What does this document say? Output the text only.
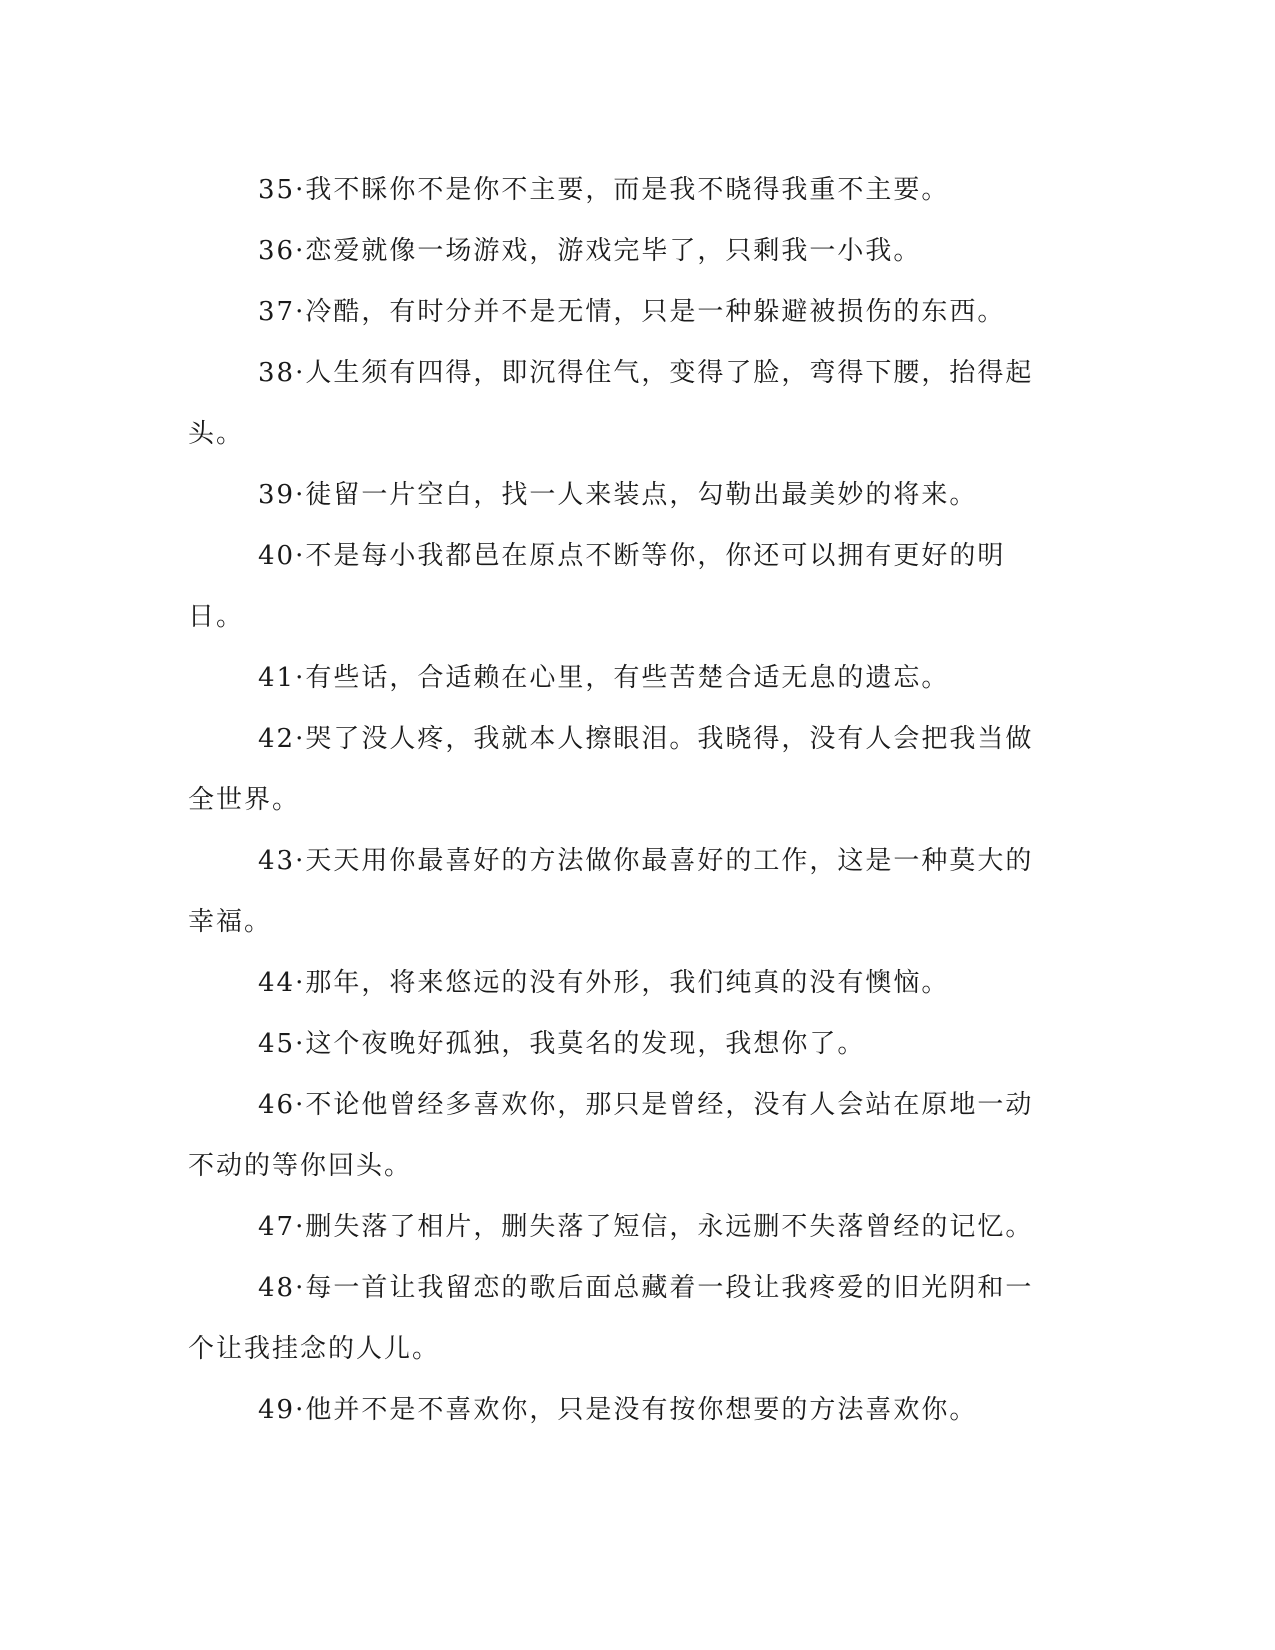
35·我不睬你不是你不主要，而是我不晓得我重不主要。

36·恋爱就像一场游戏，游戏完毕了，只剩我一小我。

37·冷酷，有时分并不是无情，只是一种躲避被损伤的东西。

38·人生须有四得，即沉得住气，变得了脸，弯得下腰，抬得起头。

39·徒留一片空白，找一人来装点，勾勒出最美妙的将来。

40·不是每小我都邑在原点不断等你，你还可以拥有更好的明日。

41·有些话，合适赖在心里，有些苦楚合适无息的遗忘。

42·哭了没人疼，我就本人擦眼泪。我晓得，没有人会把我当做全世界。

43·天天用你最喜好的方法做你最喜好的工作，这是一种莫大的幸福。

44·那年，将来悠远的没有外形，我们纯真的没有懊恼。

45·这个夜晚好孤独，我莫名的发现，我想你了。

46·不论他曾经多喜欢你，那只是曾经，没有人会站在原地一动不动的等你回头。

47·删失落了相片，删失落了短信，永远删不失落曾经的记忆。

48·每一首让我留恋的歌后面总藏着一段让我疼爱的旧光阴和一个让我挂念的人儿。

49·他并不是不喜欢你，只是没有按你想要的方法喜欢你。
